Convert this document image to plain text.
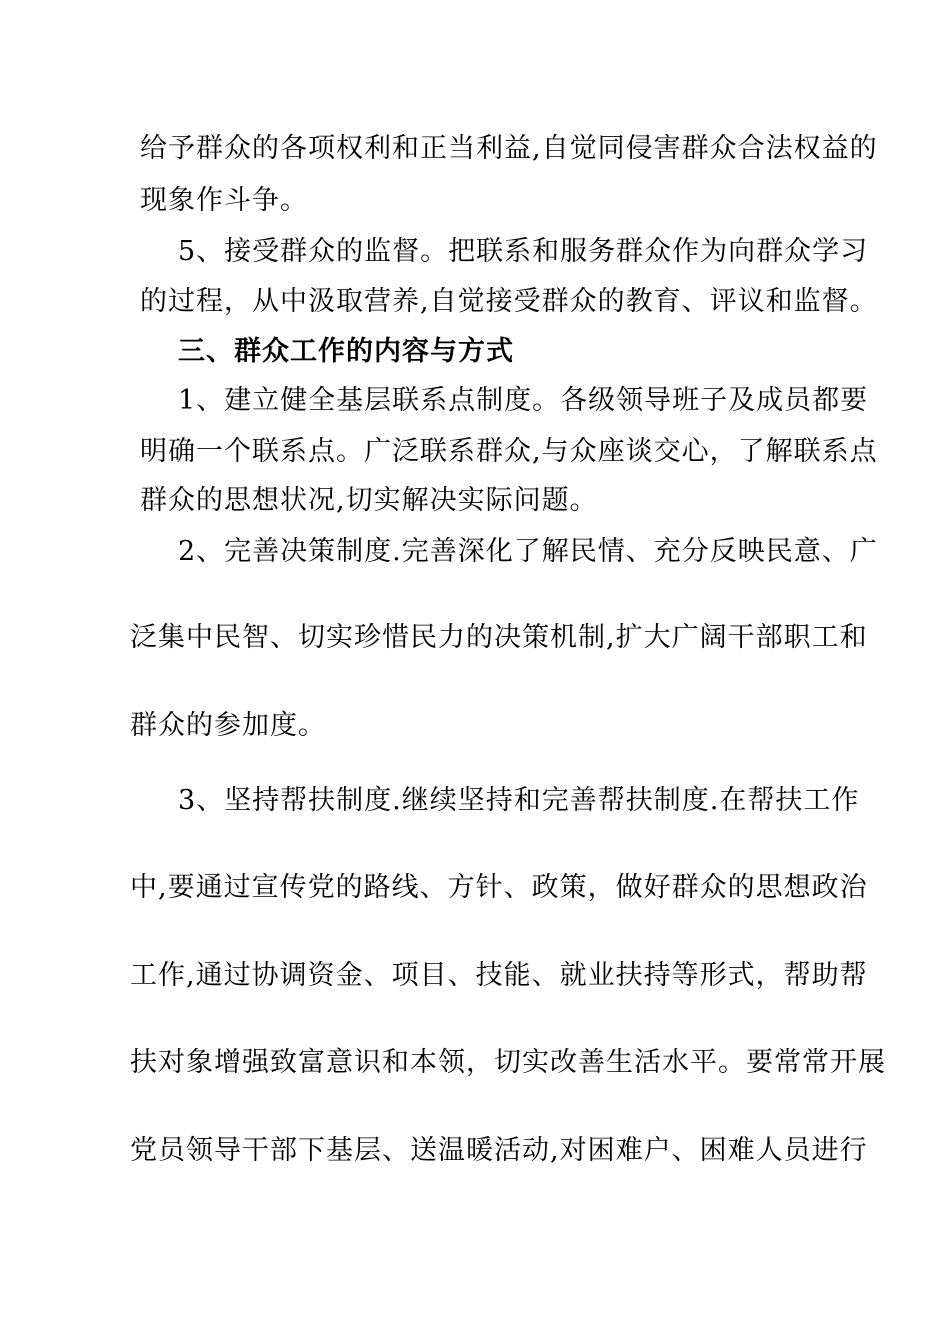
给予群众的各项权利和正当利益,自觉同侵害群众合法权益的
现象作斗争。
5、接受群众的监督。把联系和服务群众作为向群众学习
的过程，从中汲取营养,自觉接受群众的教育、评议和监督。
三、群众工作的内容与方式
1、建立健全基层联系点制度。各级领导班子及成员都要
明确一个联系点。广泛联系群众,与众座谈交心，了解联系点
群众的思想状况,切实解决实际问题。
2、完善决策制度.完善深化了解民情、充分反映民意、广
泛集中民智、切实珍惜民力的决策机制,扩大广阔干部职工和
群众的参加度。
3、坚持帮扶制度.继续坚持和完善帮扶制度.在帮扶工作
中,要通过宣传党的路线、方针、政策，做好群众的思想政治
工作,通过协调资金、项目、技能、就业扶持等形式，帮助帮
扶对象增强致富意识和本领，切实改善生活水平。要常常开展
党员领导干部下基层、送温暖活动,对困难户、困难人员进行
